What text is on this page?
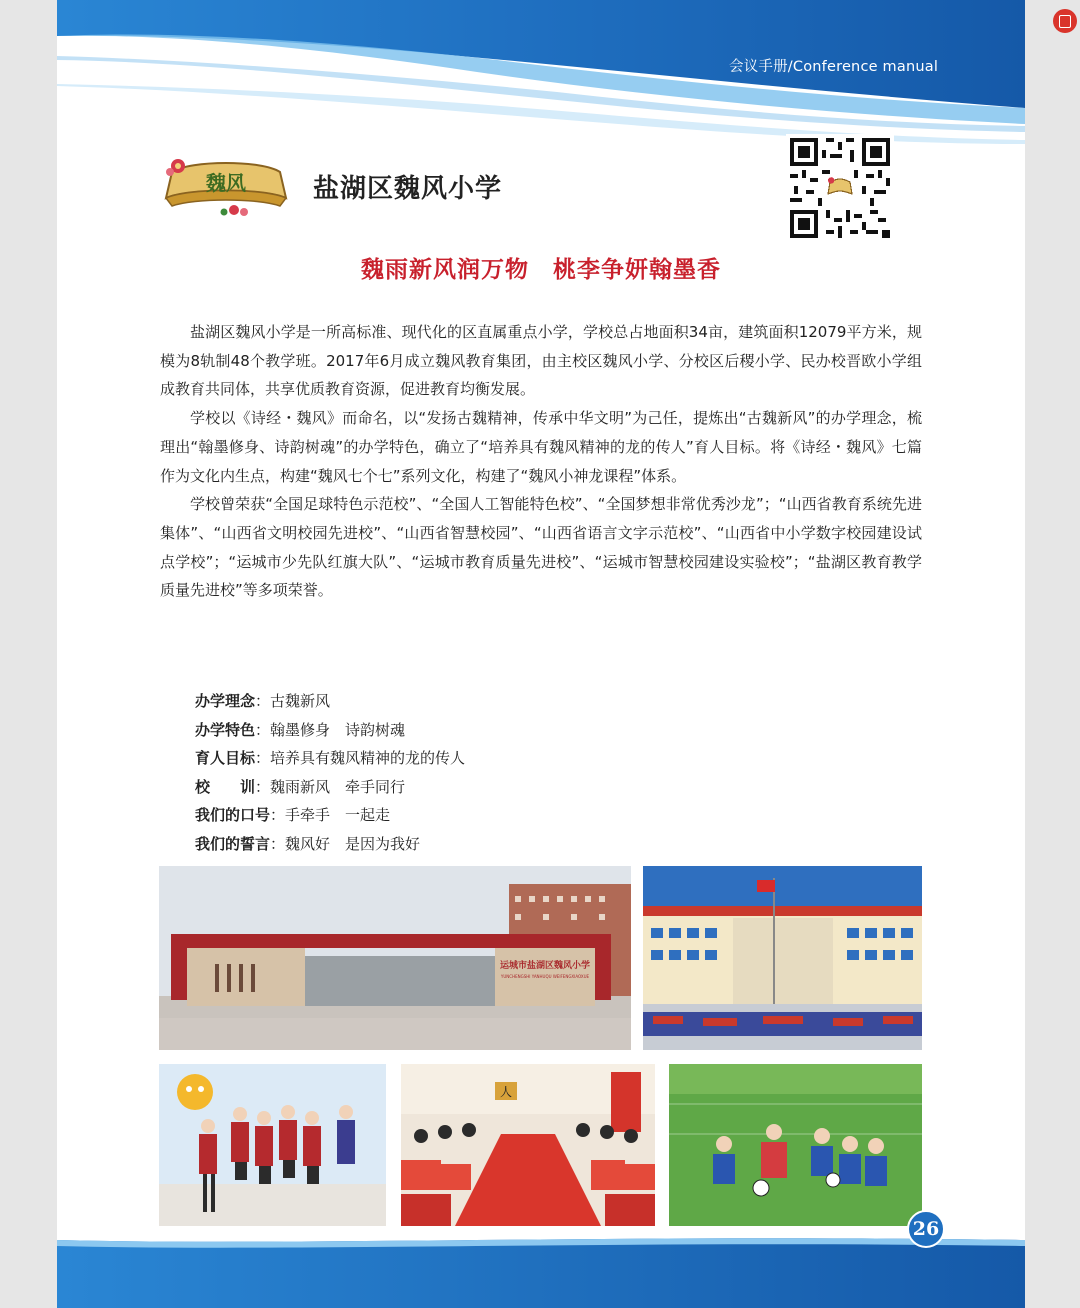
会议手册/Conference manual
魏风	盐湖区魏风小学
魏雨新风润万物　桃李争妍翰墨香

盐湖区魏风小学是一所高标准、现代化的区直属重点小学，学校总占地面积34亩，建筑面积12079平方米，规模为8轨制48个教学班。2017年6月成立魏风教育集团，由主校区魏风小学、分校区后稷小学、民办校晋欧小学组成教育共同体，共享优质教育资源，促进教育均衡发展。

学校以《诗经・魏风》而命名，以“发扬古魏精神，传承中华文明”为己任，提炼出“古魏新风”的办学理念，梳理出“翰墨修身、诗韵树魂”的办学特色，确立了“培养具有魏风精神的龙的传人”育人目标。将《诗经・魏风》七篇作为文化内生点，构建“魏风七个七”系列文化，构建了“魏风小神龙课程”体系。

学校曾荣获“全国足球特色示范校”、“全国人工智能特色校”、“全国梦想非常优秀沙龙”；“山西省教育系统先进集体”、“山西省文明校园先进校”、“山西省智慧校园”、“山西省语言文字示范校”、“山西省中小学数字校园建设试点学校”；“运城市少先队红旗大队”、“运城市教育质量先进校”、“运城市智慧校园建设实验校”；“盐湖区教育教学质量先进校”等多项荣誉。

办学理念：古魏新风
办学特色：翰墨修身　诗韵树魂
育人目标：培养具有魏风精神的龙的传人
校　　训：魏雨新风　牵手同行
我们的口号：手牵手　一起走
我们的誓言：魏风好　是因为我好
运城市盐湖区魏风小学
YUNCHENGSHI YANHUQU WEIFENGXIAOXUE
人
26
